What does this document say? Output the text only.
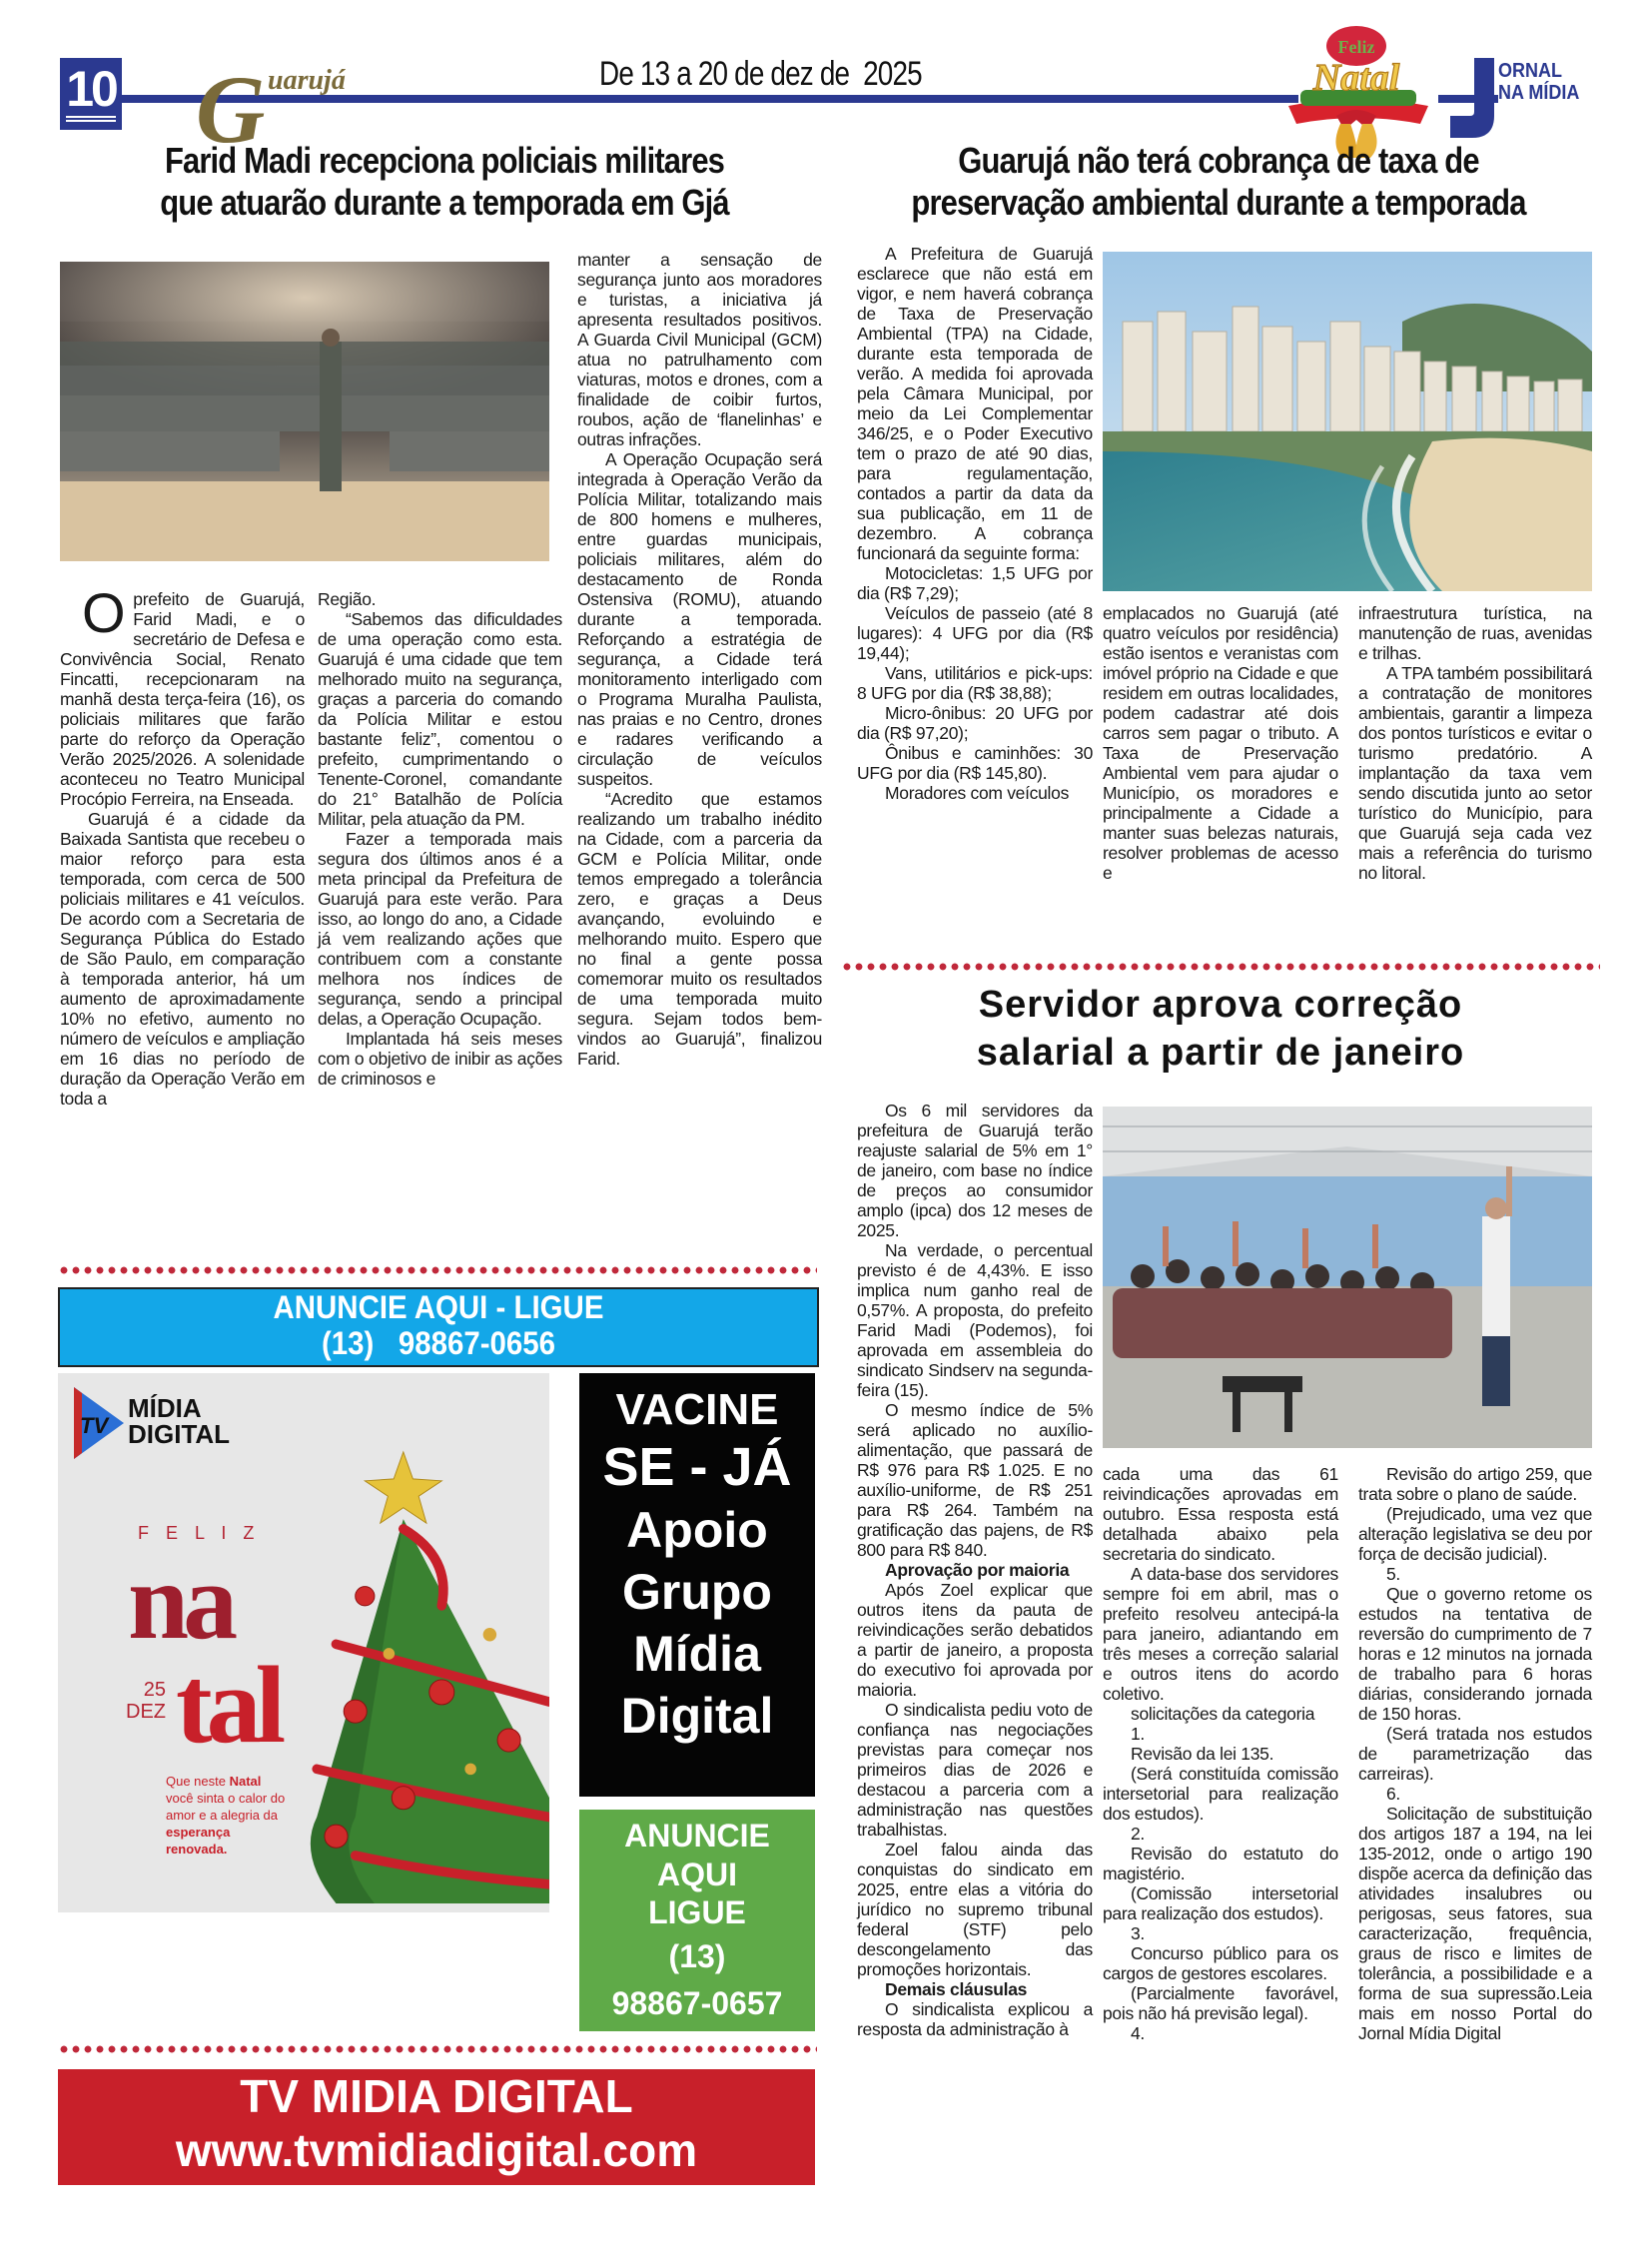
10 G uarujá	De 13 a 20 de dez de  2025
Feliz
Natal	ORNAL
NA MÍDIA
Farid Madi recepciona policiais militares
que atuarão durante a temporada em Gjá

Oprefeito de Guarujá, Farid Madi, e o secretário de Defesa e Convivência Social, Renato Fincatti, recepcionaram na manhã desta terça-feira (16), os policiais militares que farão parte do reforço da Operação Verão 2025/2026. A solenidade aconteceu no Teatro Municipal Procópio Ferreira, na Enseada.

Guarujá é a cidade da Baixada Santista que recebeu o maior reforço para esta temporada, com cerca de 500 policiais militares e 41 veículos. De acordo com a Secretaria de Segurança Pública do Estado de São Paulo, em comparação à temporada anterior, há um aumento de aproximadamente 10% no efetivo, aumento no número de veículos e ampliação em 16 dias no período de duração da Operação Verão em toda a

Região.

“Sabemos das dificuldades de uma operação como esta. Guarujá é uma cidade que tem melhorado muito na segurança, graças a parceria do comando da Polícia Militar e estou bastante feliz”, comentou o prefeito, cumprimentando o Tenente-Coronel, comandante do 21° Batalhão de Polícia Militar, pela atuação da PM.

Fazer a temporada mais segura dos últimos anos é a meta principal da Prefeitura de Guarujá para este verão. Para isso, ao longo do ano, a Cidade já vem realizando ações que contribuem com a constante melhora nos índices de segurança, sendo a principal delas, a Operação Ocupação.

Implantada há seis meses com o objetivo de inibir as ações de criminosos e

manter a sensação de segurança junto aos moradores e turistas, a iniciativa já apresenta resultados positivos. A Guarda Civil Municipal (GCM) atua no patrulhamento com viaturas, motos e drones, com a finalidade de coibir furtos, roubos, ação de ‘flanelinhas’ e outras infrações.

A Operação Ocupação será integrada à Operação Verão da Polícia Militar, totalizando mais de 800 homens e mulheres, entre guardas municipais, policiais militares, além do destacamento de Ronda Ostensiva (ROMU), atuando durante a temporada. Reforçando a estratégia de segurança, a Cidade terá monitoramento interligado com o Programa Muralha Paulista, nas praias e no Centro, drones e radares verificando a circulação de veículos suspeitos.

“Acredito que estamos realizando um trabalho inédito na Cidade, com a parceria da GCM e Polícia Militar, onde temos empregado a tolerância zero, e graças a Deus avançando, evoluindo e melhorando muito. Espero que no final a gente possa comemorar muito os resultados de uma temporada muito segura. Sejam todos bem-vindos ao Guarujá”, finalizou Farid.

Guarujá não terá cobrança de taxa de
preservação ambiental durante a temporada

A Prefeitura de Guarujá esclarece que não está em vigor, e nem haverá cobrança de Taxa de Preservação Ambiental (TPA) na Cidade, durante esta temporada de verão. A medida foi aprovada pela Câmara Municipal, por meio da Lei Complementar 346/25, e o Poder Executivo tem o prazo de até 90 dias, para regulamentação, contados a partir da data da sua publicação, em 11 de dezembro. A cobrança funcionará da seguinte forma:

Motocicletas: 1,5 UFG por dia (R$ 7,29);

Veículos de passeio (até 8 lugares): 4 UFG por dia (R$ 19,44);

Vans, utilitários e pick-ups: 8 UFG por dia (R$ 38,88);

Micro-ônibus: 20 UFG por dia (R$ 97,20);

Ônibus e caminhões: 30 UFG por dia (R$ 145,80).

Moradores com veículos

emplacados no Guarujá (até quatro veículos por residência) estão isentos e veranistas com imóvel próprio na Cidade e que residem em outras localidades, podem cadastrar até dois carros sem pagar o tributo. A Taxa de Preservação Ambiental vem para ajudar o Município, os moradores e principalmente a Cidade a manter suas belezas naturais, resolver problemas de acesso e

infraestrutura turística, na manutenção de ruas, avenidas e trilhas.

A TPA também possibilitará a contratação de monitores ambientais, garantir a limpeza dos pontos turísticos e evitar o turismo predatório. A implantação da taxa vem sendo discutida junto ao setor turístico do Município, para que Guarujá seja cada vez mais a referência do turismo no litoral.

Servidor aprova correção
salarial a partir de janeiro

Os 6 mil servidores da prefeitura de Guarujá terão reajuste salarial de 5% em 1° de janeiro, com base no índice de preços ao consumidor amplo (ipca) dos 12 meses de 2025.

Na verdade, o percentual previsto é de 4,43%. E isso implica num ganho real de 0,57%. A proposta, do prefeito Farid Madi (Podemos), foi aprovada em assembleia do sindicato Sindserv na segunda-feira (15).

O mesmo índice de 5% será aplicado no auxílio-alimentação, que passará de R$ 976 para R$ 1.025. E no auxílio-uniforme, de R$ 251 para R$ 264. Também na gratificação das pajens, de R$ 800 para R$ 840.

Aprovação por maioria

Após Zoel explicar que outros itens da pauta de reivindicações serão debatidos a partir de janeiro, a proposta do executivo foi aprovada por maioria.

O sindicalista pediu voto de confiança nas negociações previstas para começar nos primeiros dias de 2026 e destacou a parceria com a administração nas questões trabalhistas.

Zoel falou ainda das conquistas do sindicato em 2025, entre elas a vitória do jurídico no supremo tribunal federal (STF) pelo descongelamento das promoções horizontais.

Demais cláusulas

O sindicalista explicou a resposta da administração à

cada uma das 61 reivindicações aprovadas em outubro. Essa resposta está detalhada abaixo pela secretaria do sindicato.

A data-base dos servidores sempre foi em abril, mas o prefeito resolveu antecipá-la para janeiro, adiantando em três meses a correção salarial e outros itens do acordo coletivo.

solicitações da categoria

1.

Revisão da lei 135.

(Será constituída comissão intersetorial para realização dos estudos).

2.

Revisão do estatuto do magistério.

(Comissão intersetorial para realização dos estudos).

3.

Concurso público para os cargos de gestores escolares.

(Parcialmente favorável, pois não há previsão legal).

4.

Revisão do artigo 259, que trata sobre o plano de saúde.

(Prejudicado, uma vez que alteração legislativa se deu por força de decisão judicial).

5.

Que o governo retome os estudos na tentativa de reversão do cumprimento de 7 horas e 12 minutos na jornada de trabalho para 6 horas diárias, considerando jornada de 150 horas.

(Será tratada nos estudos de parametrização das carreiras).

6.

Solicitação de substituição dos artigos 187 a 194, na lei 135-2012, onde o artigo 190 dispõe acerca da definição das atividades insalubres ou perigosas, seus fatores, sua caracterização, frequência, graus de risco e limites de tolerância, a possibilidade e a forma de sua supressão.Leia mais em nosso Portal do Jornal Mídia Digital

ANUNCIE AQUI - LIGUE
(13)   98867-0656
TV
MÍDIA
DIGITAL
F E L I Z
na
tal
25
DEZ
Que neste Natal você sinta o calor do amor e a alegria da esperança renovada.
VACINE
SE - JÁ
Apoio
Grupo
Mídia
Digital
ANUNCIE
AQUI
LIGUE
(13)
98867-0657
TV MIDIA DIGITAL
www.tvmidiadigital.com
